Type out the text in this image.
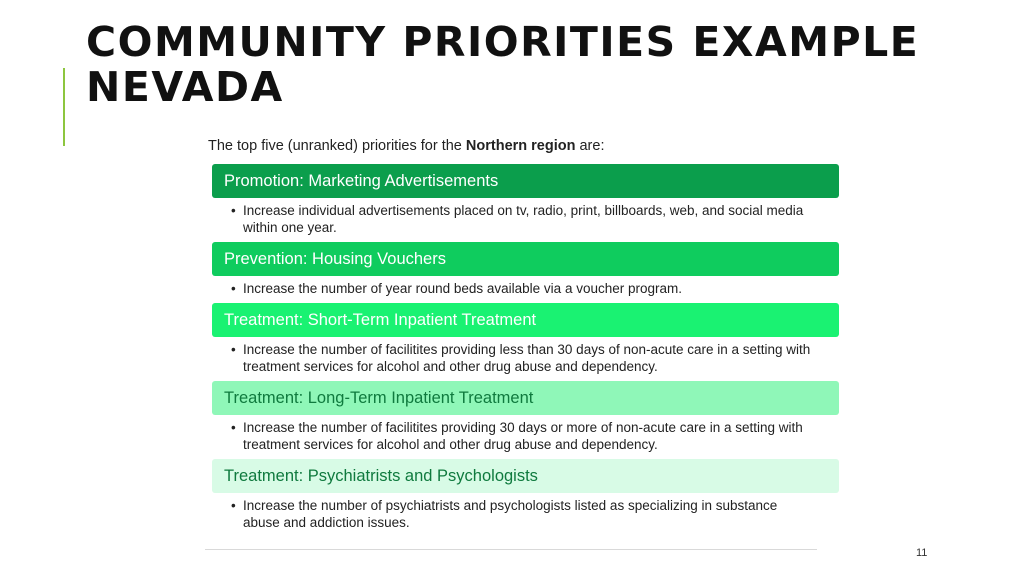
COMMUNITY PRIORITIES EXAMPLE
NEVADA

The top five (unranked) priorities for the Northern region are:

Promotion: Marketing Advertisements
• Increase individual advertisements placed on tv, radio, print, billboards, web, and social media within one year.
Prevention: Housing Vouchers
• Increase the number of year round beds available via a voucher program.
Treatment: Short-Term Inpatient Treatment
• Increase the number of facilitites providing less than 30 days of non-acute care in a setting with treatment services for alcohol and other drug abuse and dependency.
Treatment: Long-Term Inpatient Treatment
• Increase the number of facilitites providing 30 days or more of non-acute care in a setting with treatment services for alcohol and other drug abuse and dependency.
Treatment: Psychiatrists and Psychologists
• Increase the number of psychiatrists and psychologists listed as specializing in substance abuse and addiction issues.
11
